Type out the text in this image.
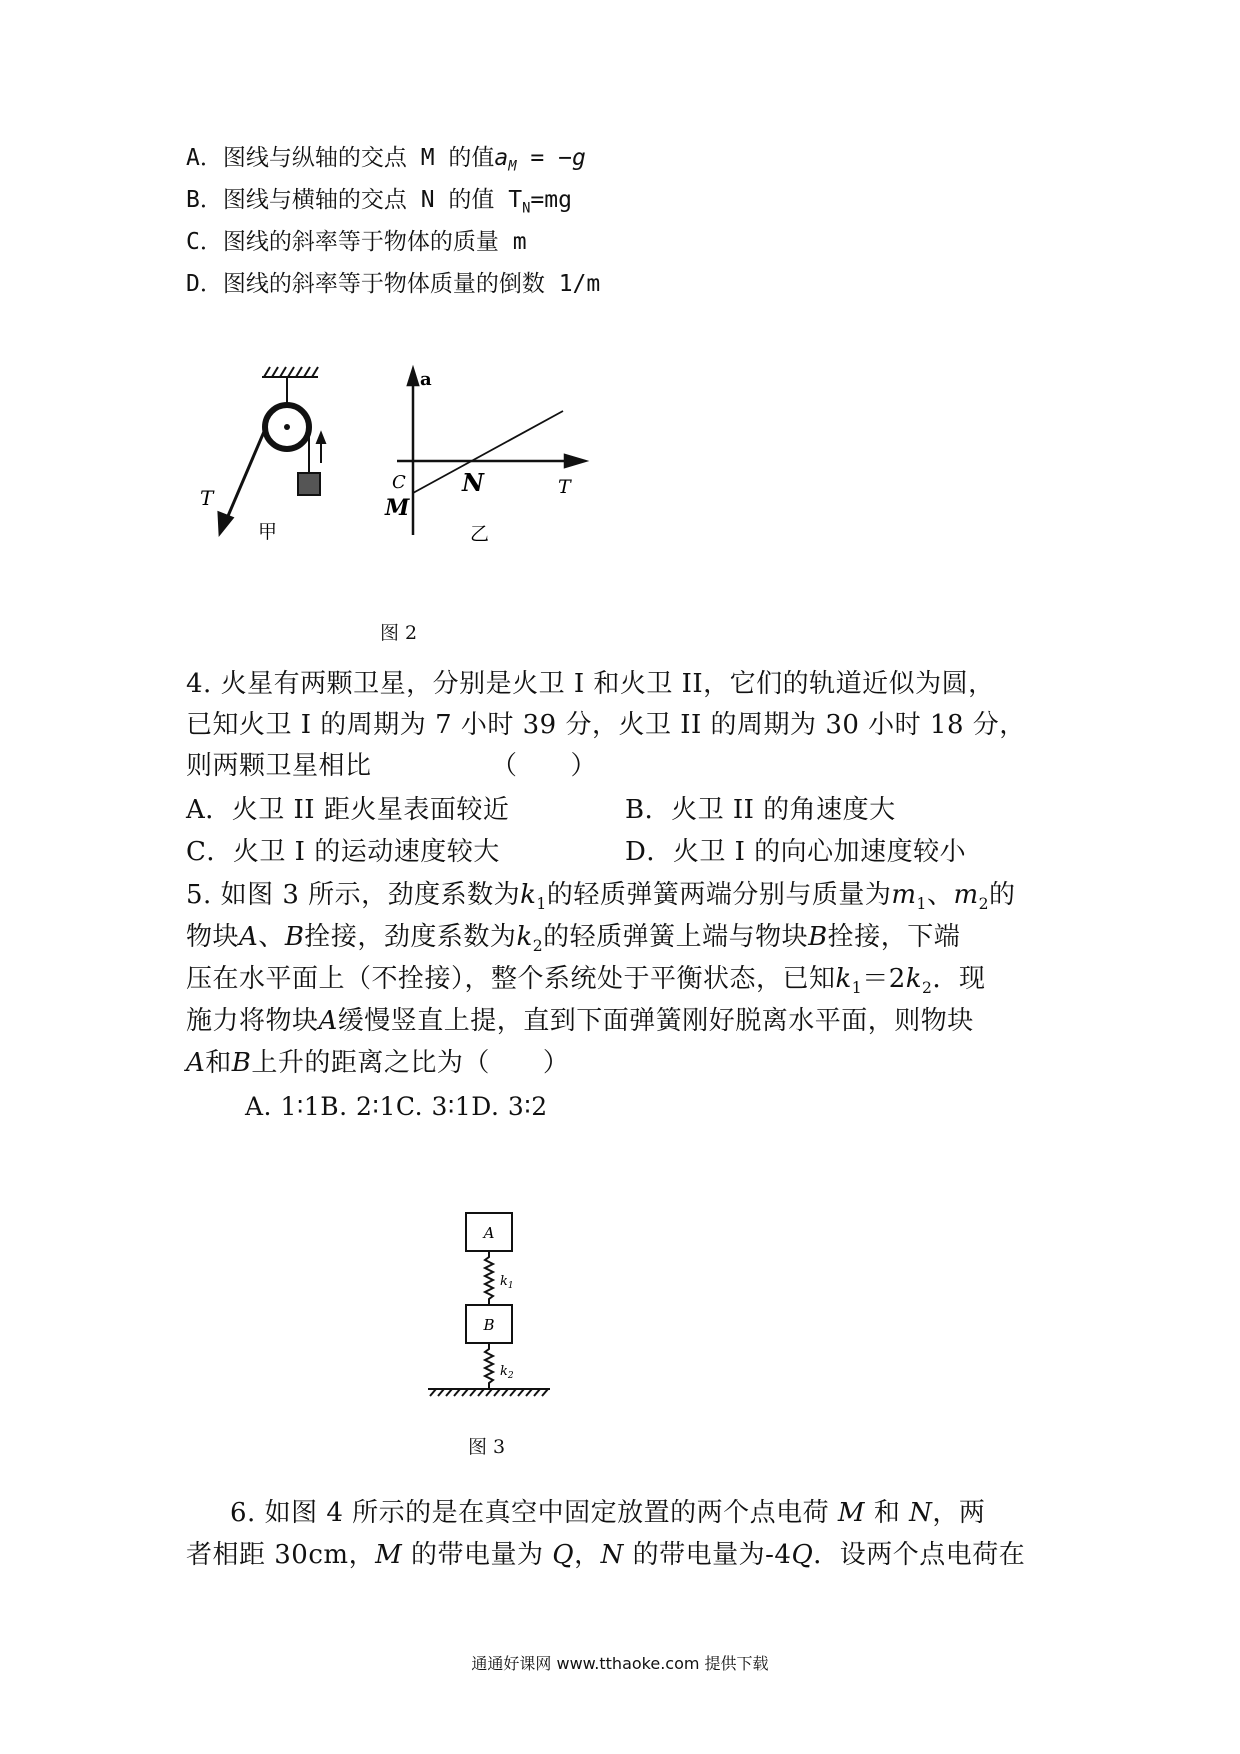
A．图线与纵轴的交点 M 的值$a_M = -g$
B．图线与横轴的交点 N 的值 $T_N=mg$
C．图线的斜率等于物体的质量 m
D．图线的斜率等于物体质量的倒数 1/m
T
甲
a
T
C
M
N
乙
图 2
4. 火星有两颗卫星，分别是火卫 I 和火卫 II，它们的轨道近似为圆，
已知火卫 I 的周期为 7 小时 39 分，火卫 II 的周期为 30 小时 18 分，
则两颗卫星相比　　　　　（　　）
A．火卫 II 距火星表面较近	B．火卫 II 的角速度大
C．火卫 I 的运动速度较大	D．火卫 I 的向心加速度较小
5. 如图 3 所示，劲度系数为$k_1$的轻质弹簧两端分别与质量为$m_1$、$m_2$的
物块A、B拴接，劲度系数为$k_2$的轻质弹簧上端与物块B拴接，下端
压在水平面上（不拴接），整个系统处于平衡状态，已知$k_1=2k_2$．现
施力将物块A缓慢竖直上提，直到下面弹簧刚好脱离水平面，则物块
A和B上升的距离之比为（　　）
A. 1∶1B. 2∶1C. 3∶1D. 3∶2
A
$k_1$
B
$k_2$
图 3
6. 如图 4 所示的是在真空中固定放置的两个点电荷 M 和 N，两
者相距 30cm，M 的带电量为 Q，N 的带电量为-4Q．设两个点电荷在
通通好课网 www.tthaoke.com 提供下载
